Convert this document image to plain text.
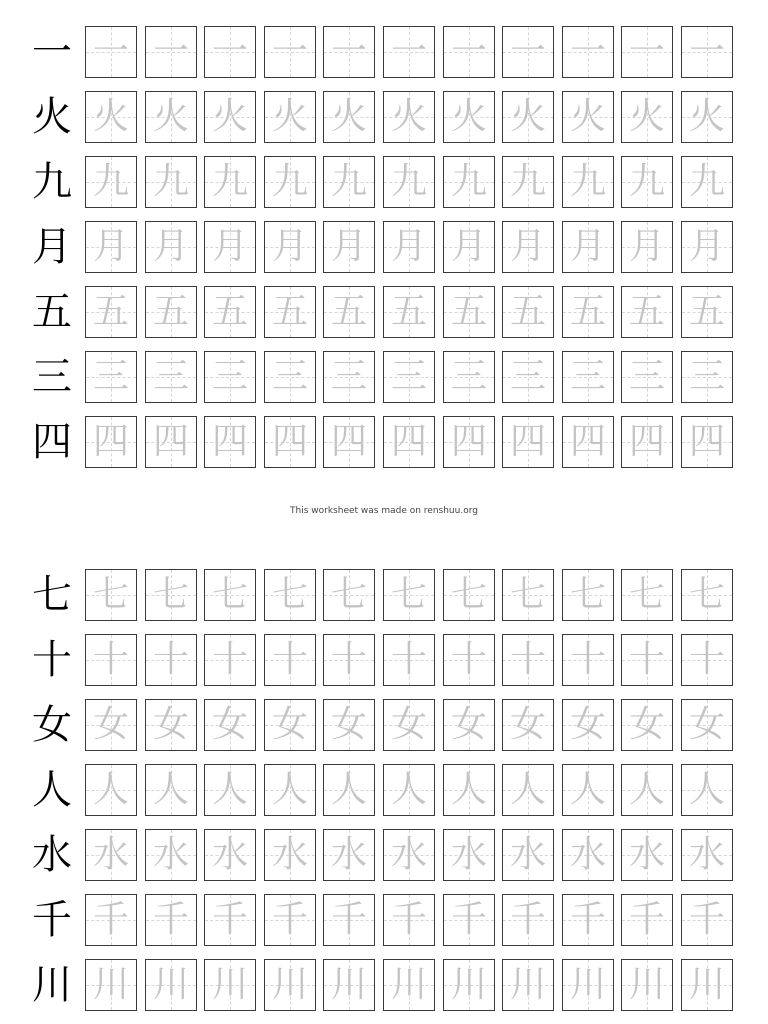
一 一 一 一 一 一 一 一 一 一 一 一
火 火 火 火 火 火 火 火 火 火 火 火
九 九 九 九 九 九 九 九 九 九 九 九
月 月 月 月 月 月 月 月 月 月 月 月
五 五 五 五 五 五 五 五 五 五 五 五
三 三 三 三 三 三 三 三 三 三 三 三
四 四 四 四 四 四 四 四 四 四 四 四
This worksheet was made on renshuu.org
七 七 七 七 七 七 七 七 七 七 七 七
十 十 十 十 十 十 十 十 十 十 十 十
女 女 女 女 女 女 女 女 女 女 女 女
人 人 人 人 人 人 人 人 人 人 人 人
水 水 水 水 水 水 水 水 水 水 水 水
千 千 千 千 千 千 千 千 千 千 千 千
川 川 川 川 川 川 川 川 川 川 川 川
